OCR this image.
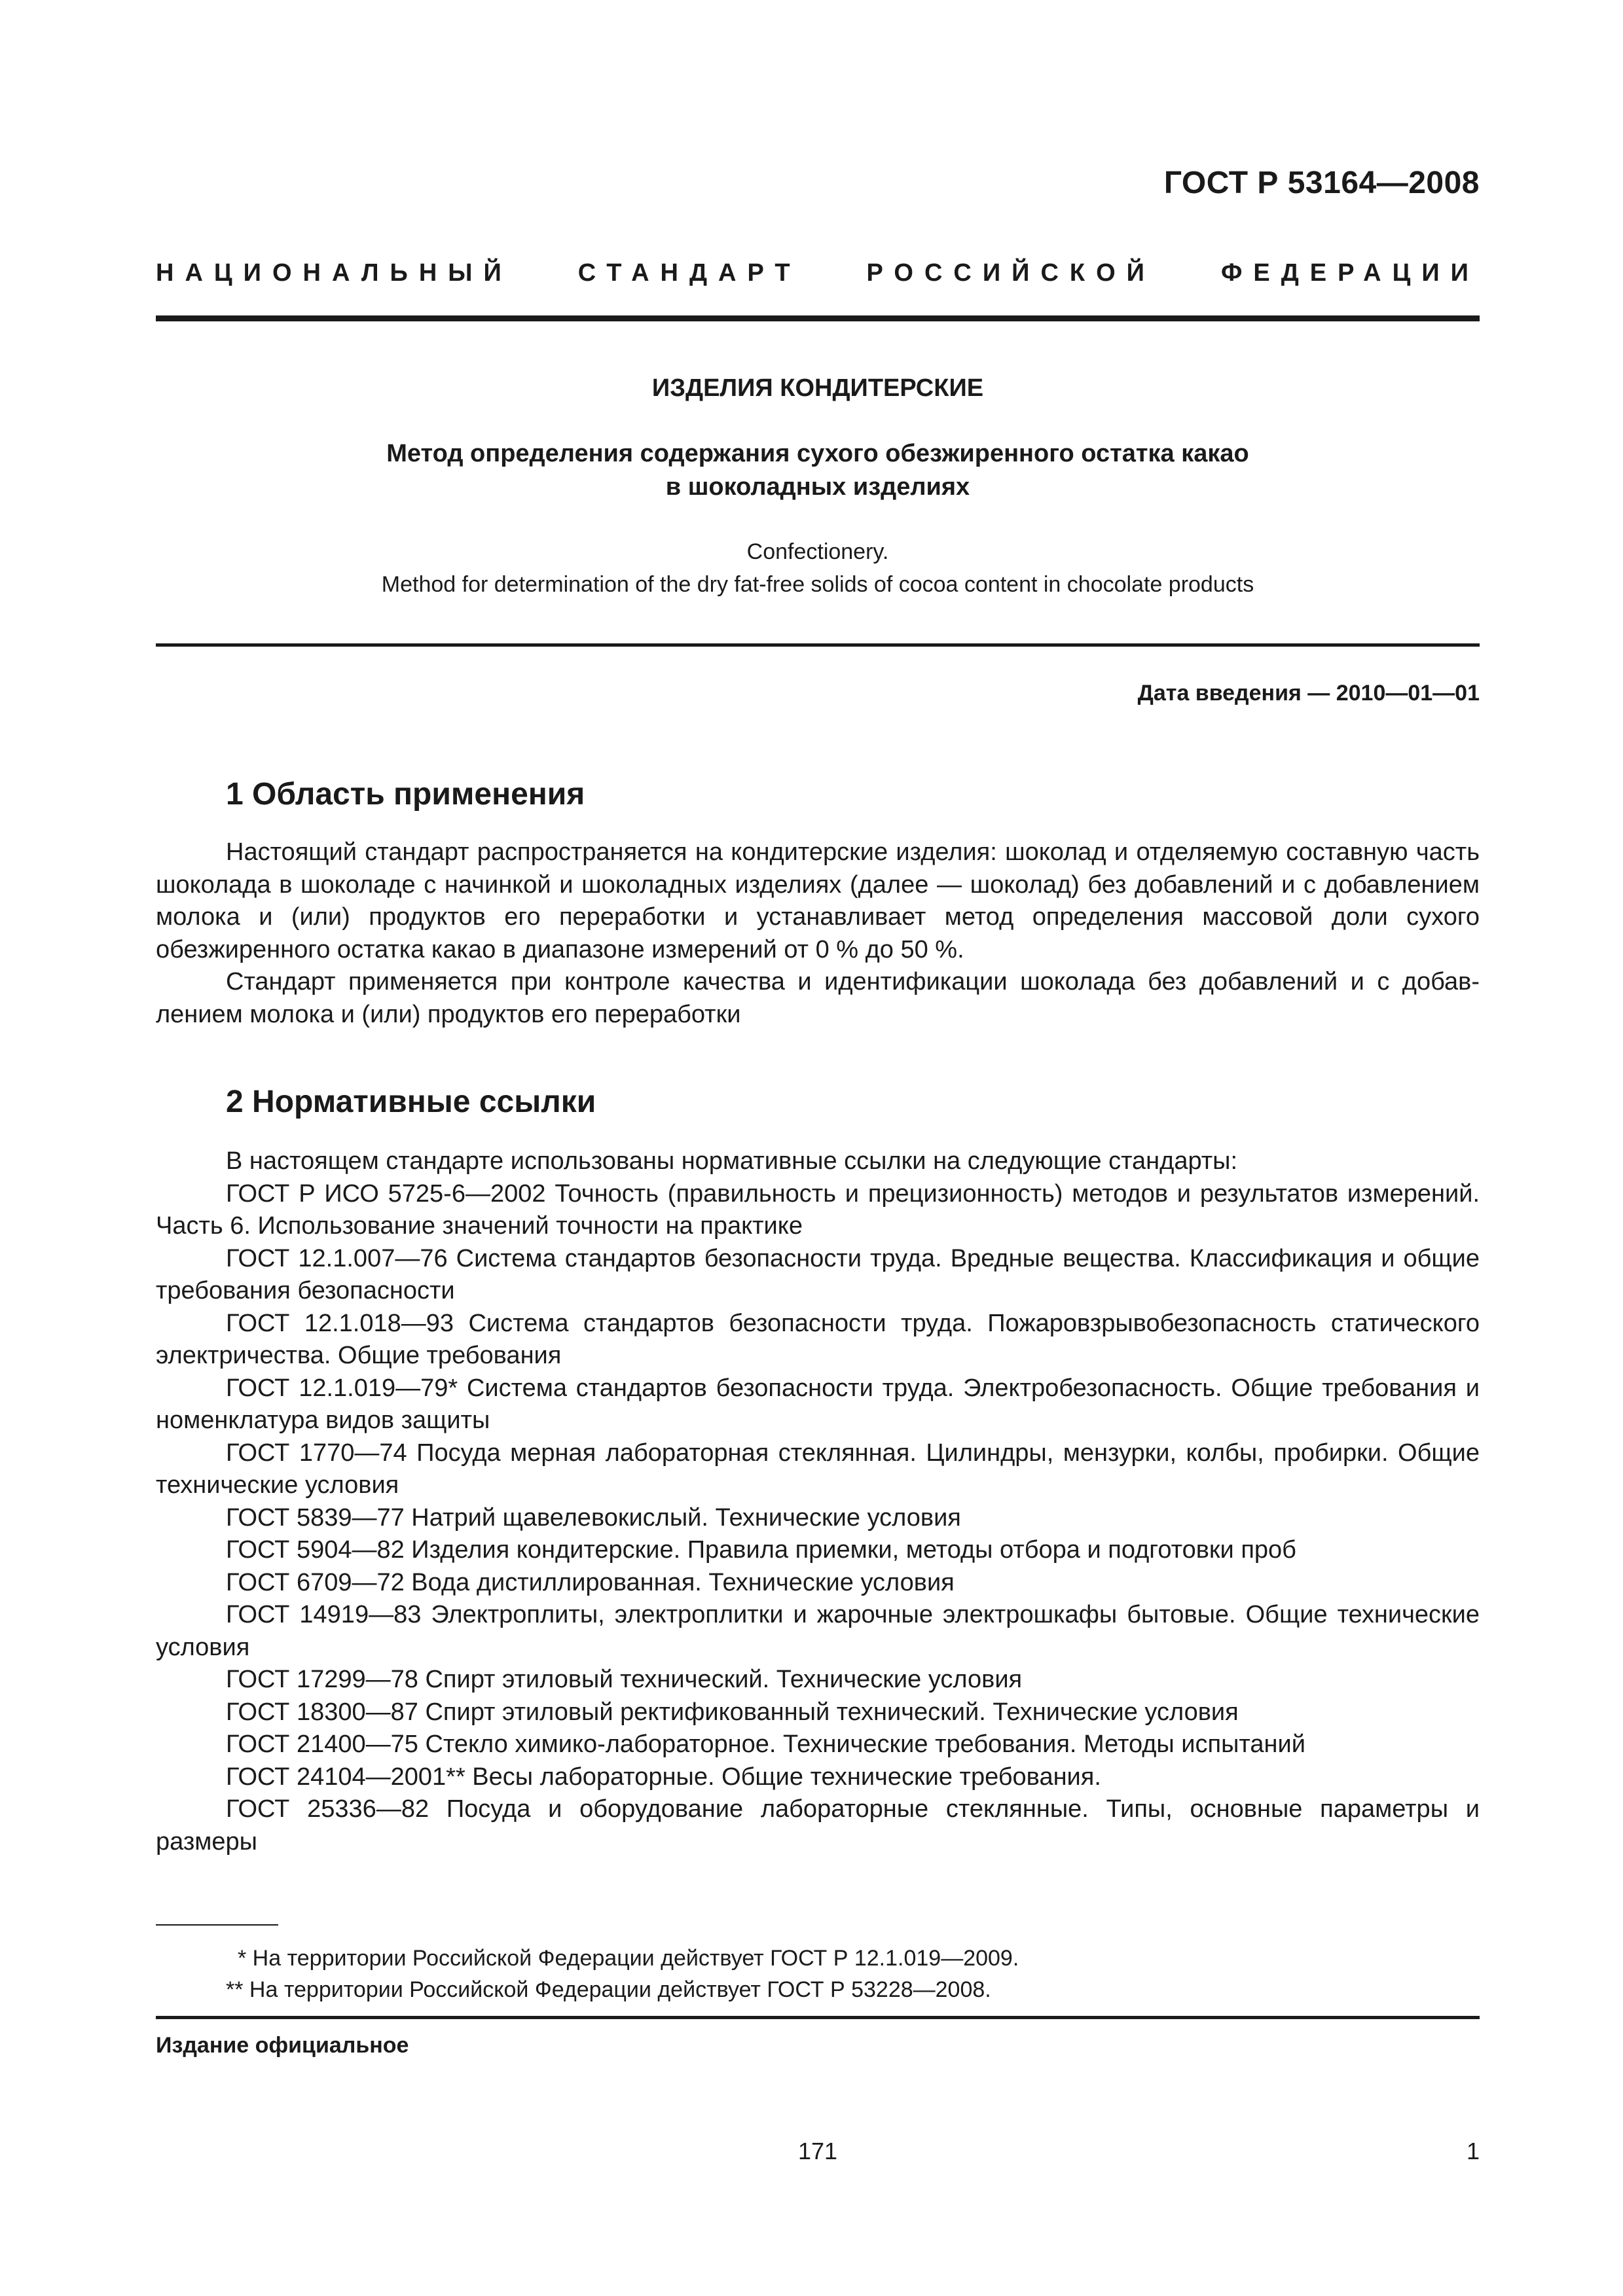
ГОСТ Р 53164—2008
НАЦИОНАЛЬНЫЙ	СТАНДАРТ	РОССИЙСКОЙ	ФЕДЕРАЦИИ
ИЗДЕЛИЯ КОНДИТЕРСКИЕ
Метод определения содержания сухого обезжиренного остатка какао
в шоколадных изделиях
Confectionery.
Method for determination of the dry fat-free solids of cocoa content in chocolate products
Дата введения — 2010—01—01
1 Область применения

Настоящий стандарт распространяется на кондитерские изделия: шоколад и отделяемую составную часть шоколада в шоколаде с начинкой и шоколадных изделиях (далее — шоколад) без добавлений и с добавлением молока и (или) продуктов его переработки и устанавливает метод определения массовой доли сухого обезжиренного остатка какао в диапазоне измерений от 0 % до 50 %.

Стандарт применяется при контроле качества и идентификации шоколада без добавлений и с добавлением молока и (или) продуктов его переработки

2 Нормативные ссылки

В настоящем стандарте использованы нормативные ссылки на следующие стандарты:

ГОСТ Р ИСО 5725-6—2002 Точность (правильность и прецизионность) методов и результатов измерений. Часть 6. Использование значений точности на практике

ГОСТ 12.1.007—76 Система стандартов безопасности труда. Вредные вещества. Классификация и общие требования безопасности

ГОСТ 12.1.018—93 Система стандартов безопасности труда. Пожаровзрывобезопасность статического электричества. Общие требования

ГОСТ 12.1.019—79* Система стандартов безопасности труда. Электробезопасность. Общие требования и номенклатура видов защиты

ГОСТ 1770—74 Посуда мерная лабораторная стеклянная. Цилиндры, мензурки, колбы, пробирки. Общие технические условия

ГОСТ 5839—77 Натрий щавелевокислый. Технические условия

ГОСТ 5904—82 Изделия кондитерские. Правила приемки, методы отбора и подготовки проб

ГОСТ 6709—72 Вода дистиллированная. Технические условия

ГОСТ 14919—83 Электроплиты, электроплитки и жарочные электрошкафы бытовые. Общие технические условия

ГОСТ 17299—78 Спирт этиловый технический. Технические условия

ГОСТ 18300—87 Спирт этиловый ректификованный технический. Технические условия

ГОСТ 21400—75 Стекло химико-лабораторное. Технические требования. Методы испытаний

ГОСТ 24104—2001** Весы лабораторные. Общие технические требования.

ГОСТ 25336—82 Посуда и оборудование лабораторные стеклянные. Типы, основные параметры и размеры

* На территории Российской Федерации действует ГОСТ Р 12.1.019—2009.
** На территории Российской Федерации действует ГОСТ Р 53228—2008.
Издание официальное
171	1
